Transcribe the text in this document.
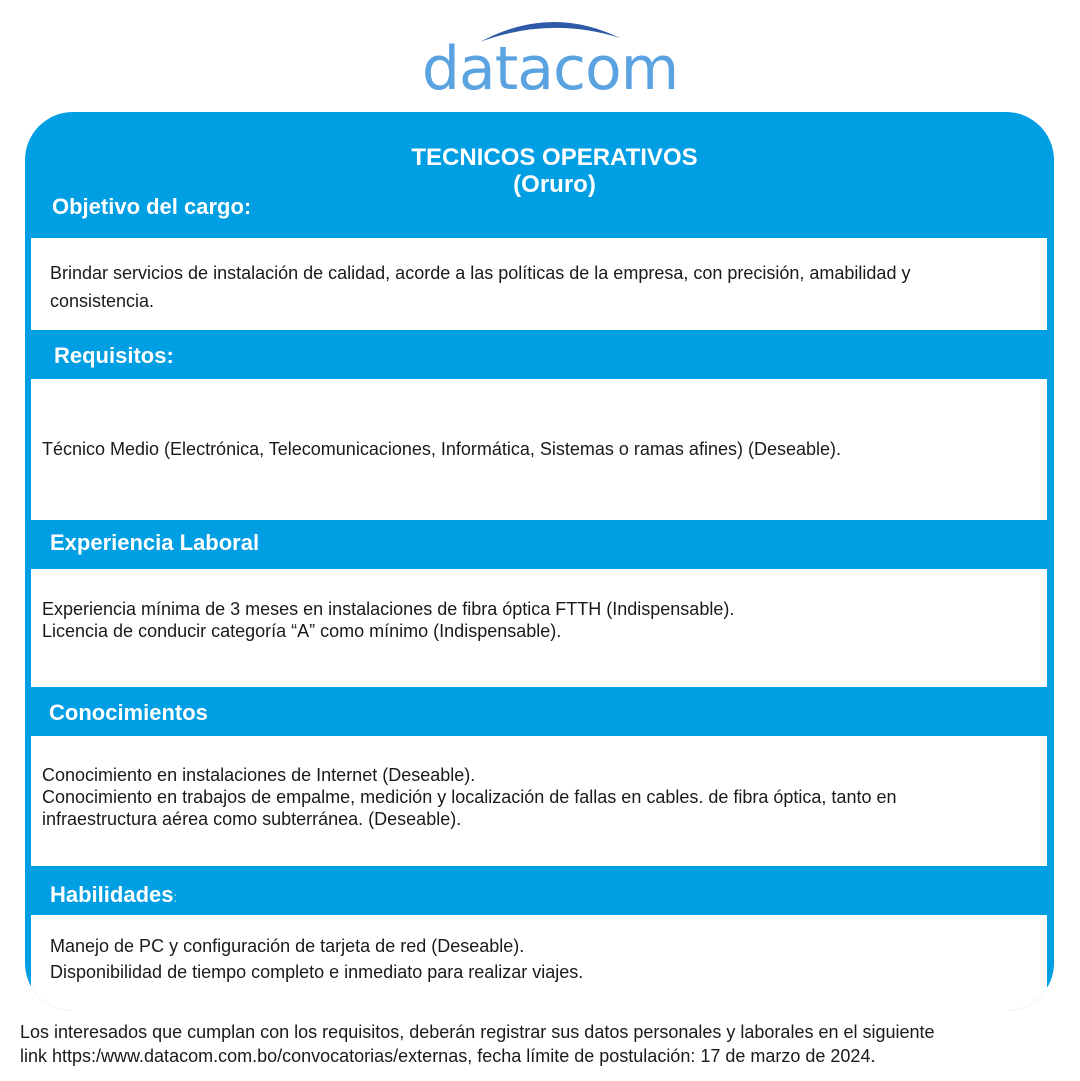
datacom
TECNICOS OPERATIVOS
(Oruro)
Objetivo del cargo:
Brindar servicios de instalación de calidad, acorde a las políticas de la empresa, con precisión, amabilidad y
consistencia.
Requisitos:
Técnico Medio (Electrónica, Telecomunicaciones, Informática, Sistemas o ramas afines) (Deseable).
Experiencia Laboral
Experiencia mínima de 3 meses en instalaciones de fibra óptica FTTH (Indispensable).
Licencia de conducir categoría “A” como mínimo (Indispensable).
Conocimientos
Conocimiento en instalaciones de Internet (Deseable).
Conocimiento en trabajos de empalme, medición y localización de fallas en cables. de fibra óptica, tanto en
infraestructura aérea como subterránea. (Deseable).
Habilidades:
Manejo de PC y configuración de tarjeta de red (Deseable).
Disponibilidad de tiempo completo e inmediato para realizar viajes.
Los interesados que cumplan con los requisitos, deberán registrar sus datos personales y laborales en el siguiente
link https:/www.datacom.com.bo/convocatorias/externas, fecha límite de postulación: 17 de marzo de 2024.
